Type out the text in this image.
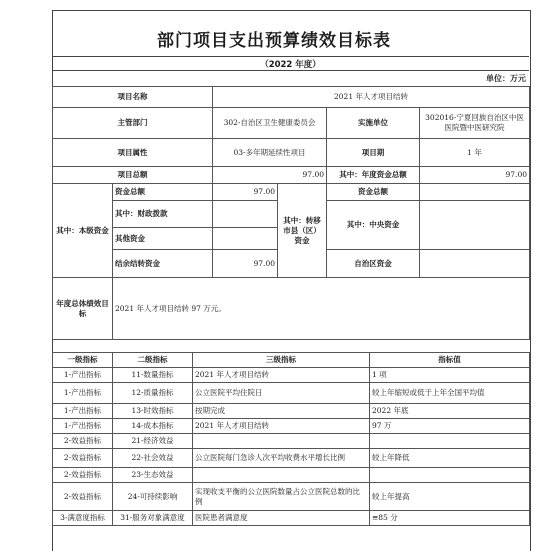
部门项目支出预算绩效目标表
（2022 年度）
单位：万元
项目名称		2021 年人才项目结转			
主管部门		302-自治区卫生健康委员会		实施单位	302016-宁夏回族自治区中医医院暨中医研究院
项目属性		03-多年期延续性项目		项目期	1 年
项目总额		97.00		其中：年度资金总额	97.00
其中：本级资金	资金总额	97.00	其中：转移市县（区）资金	资金总额	
	其中：财政拨款			其中：中央资金	
	其他资金				
	结余结转资金	97.00		自治区资金	
年度总体绩效目标	2021 年人才项目结转 97 万元。				
一级指标	二级指标	三级指标	指标值
1-产出指标	11-数量指标	2021 年人才项目结转	1 项
1-产出指标	12-质量指标	公立医院平均住院日	较上年缩短或低于上年全国平均值
1-产出指标	13-时效指标	按期完成	2022 年底
1-产出指标	14-成本指标	2021 年人才项目结转	97 万
2-效益指标	21-经济效益		
2-效益指标	22-社会效益	公立医院每门急诊人次平均收费水平增长比例	较上年降低
2-效益指标	23-生态效益		
2-效益指标	24-可持续影响	实现收支平衡的公立医院数量占公立医院总数的比例	较上年提高
3-满意度指标	31-服务对象满意度	医院患者满意度	≡85 分
